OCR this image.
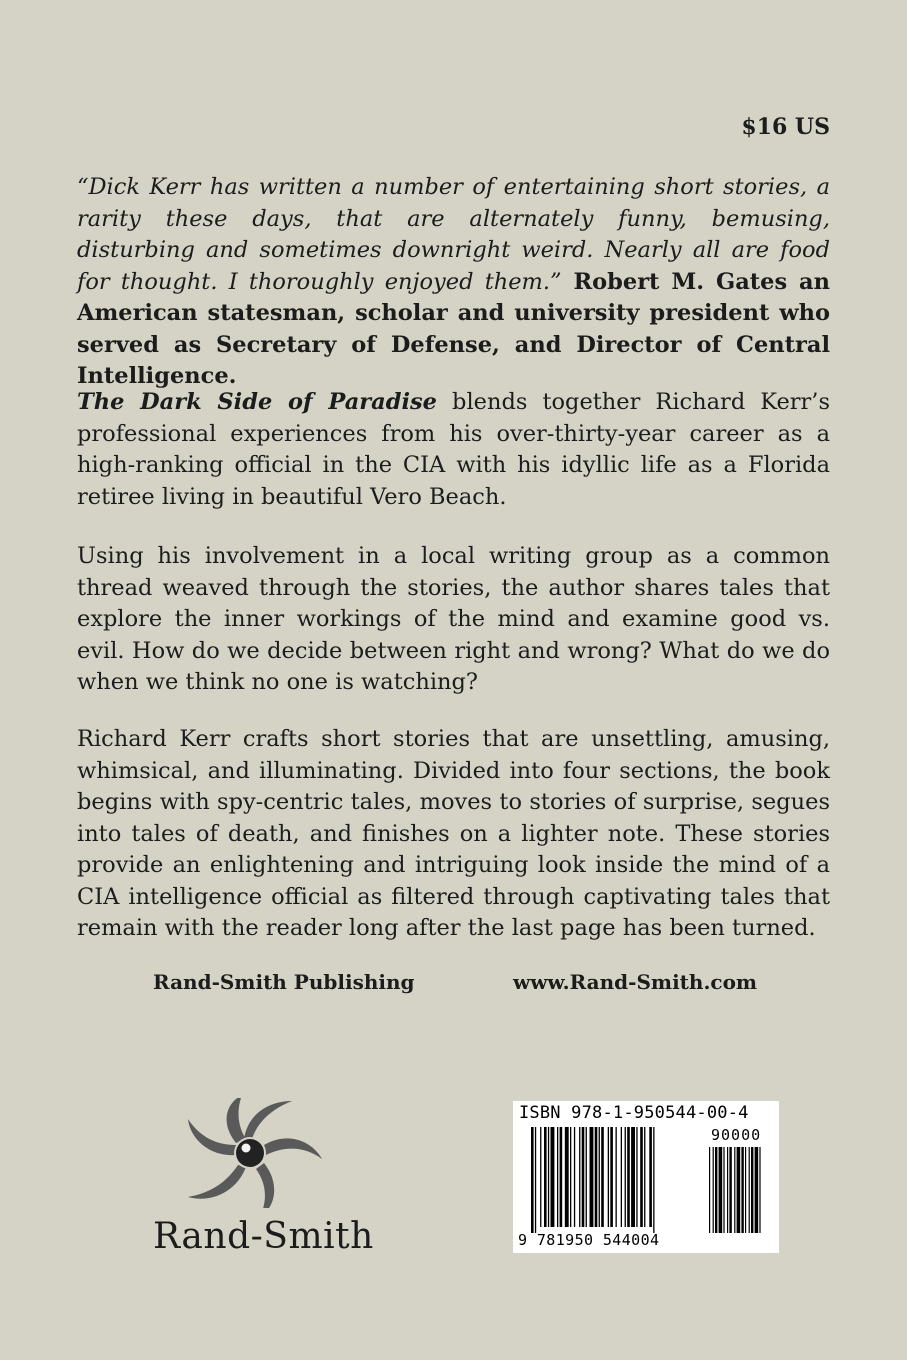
$16 US
“Dick Kerr has written a number of entertaining short stories, a rarity these days, that are alternately funny, bemusing, disturbing and sometimes downright weird. Nearly all are food for thought. I thoroughly enjoyed them.” Robert M. Gates an American statesman, scholar and university president who served as Secretary of Defense, and Director of Central Intelligence.
The Dark Side of Paradise blends together Richard Kerr’s professional experiences from his over-thirty-year career as a high-ranking official in the CIA with his idyllic life as a Florida retiree living in beautiful Vero Beach.
Using his involvement in a local writing group as a common thread weaved through the stories, the author shares tales that explore the inner workings of the mind and examine good vs. evil. How do we decide between right and wrong? What do we do when we think no one is watching?
Richard Kerr crafts short stories that are unsettling, amusing, whimsical, and illuminating. Divided into four sections, the book begins with spy-centric tales, moves to stories of surprise, segues into tales of death, and finishes on a lighter note. These stories provide an enlightening and intriguing look inside the mind of a CIA intelligence official as filtered through captivating tales that remain with the reader long after the last page has been turned.
Rand-Smith Publishing	www.Rand-Smith.com
Rand-Smith
ISBN 978-1-950544-00-4
90000
9 781950 544004
